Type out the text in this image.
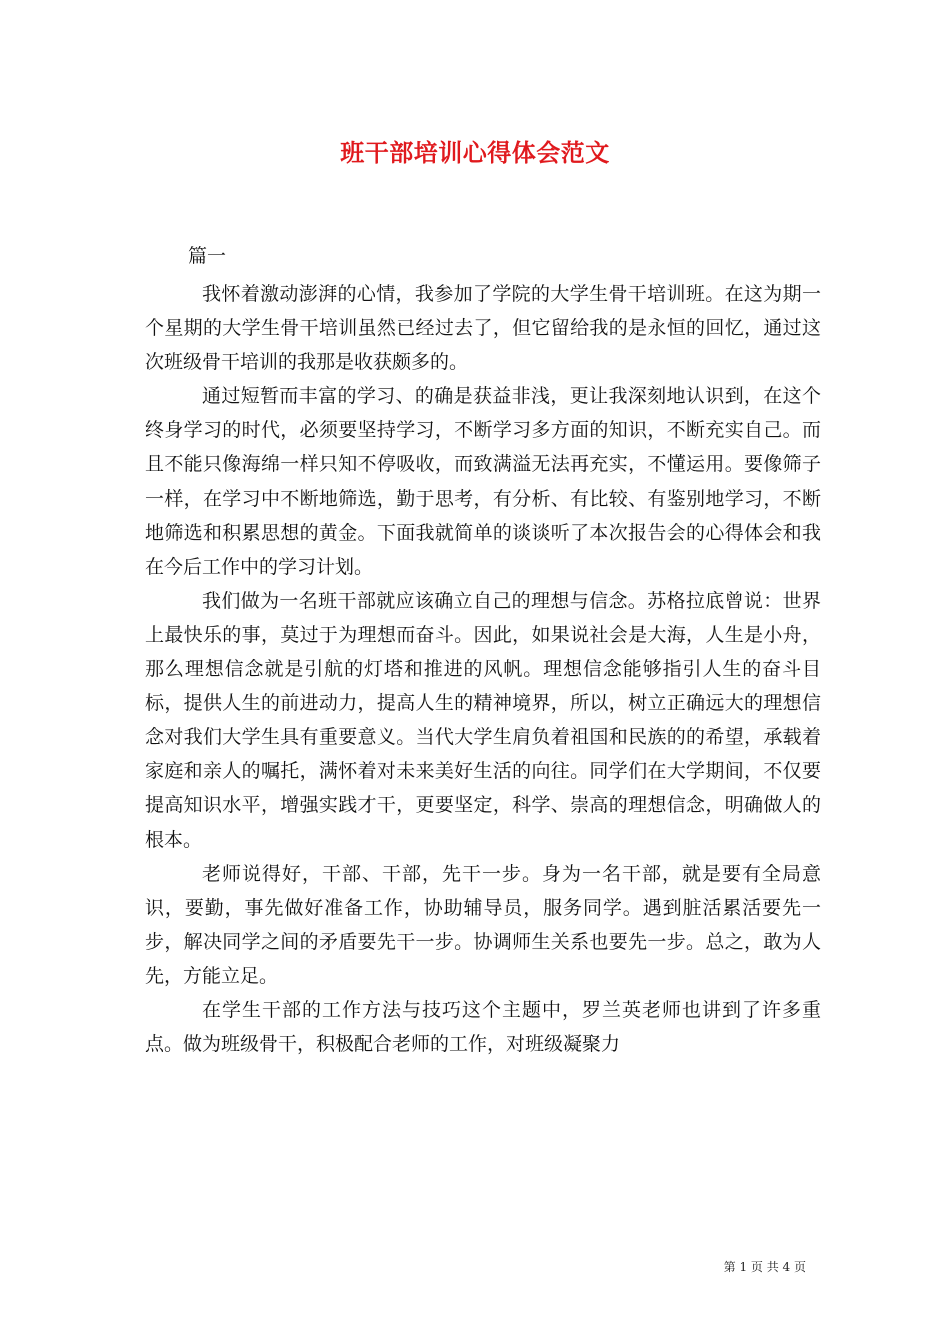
班干部培训心得体会范文
篇一

我怀着激动澎湃的心情，我参加了学院的大学生骨干培训班。在这为期一个星期的大学生骨干培训虽然已经过去了，但它留给我的是永恒的回忆，通过这次班级骨干培训的我那是收获颇多的。

通过短暂而丰富的学习、的确是获益非浅，更让我深刻地认识到，在这个终身学习的时代，必须要坚持学习，不断学习多方面的知识，不断充实自己。而且不能只像海绵一样只知不停吸收，而致满溢无法再充实，不懂运用。要像筛子一样，在学习中不断地筛选，勤于思考，有分析、有比较、有鉴别地学习，不断地筛选和积累思想的黄金。下面我就简单的谈谈听了本次报告会的心得体会和我在今后工作中的学习计划。

我们做为一名班干部就应该确立自己的理想与信念。苏格拉底曾说：世界上最快乐的事，莫过于为理想而奋斗。因此，如果说社会是大海，人生是小舟，那么理想信念就是引航的灯塔和推进的风帆。理想信念能够指引人生的奋斗目标，提供人生的前进动力，提高人生的精神境界，所以，树立正确远大的理想信念对我们大学生具有重要意义。当代大学生肩负着祖国和民族的的希望，承载着家庭和亲人的嘱托，满怀着对未来美好生活的向往。同学们在大学期间，不仅要提高知识水平，增强实践才干，更要坚定，科学、崇高的理想信念，明确做人的根本。

老师说得好，干部、干部，先干一步。身为一名干部，就是要有全局意识，要勤，事先做好准备工作，协助辅导员，服务同学。遇到脏活累活要先一步，解决同学之间的矛盾要先干一步。协调师生关系也要先一步。总之，敢为人先，方能立足。

在学生干部的工作方法与技巧这个主题中，罗兰英老师也讲到了许多重点。做为班级骨干，积极配合老师的工作，对班级凝聚力

第 1 页 共 4 页
